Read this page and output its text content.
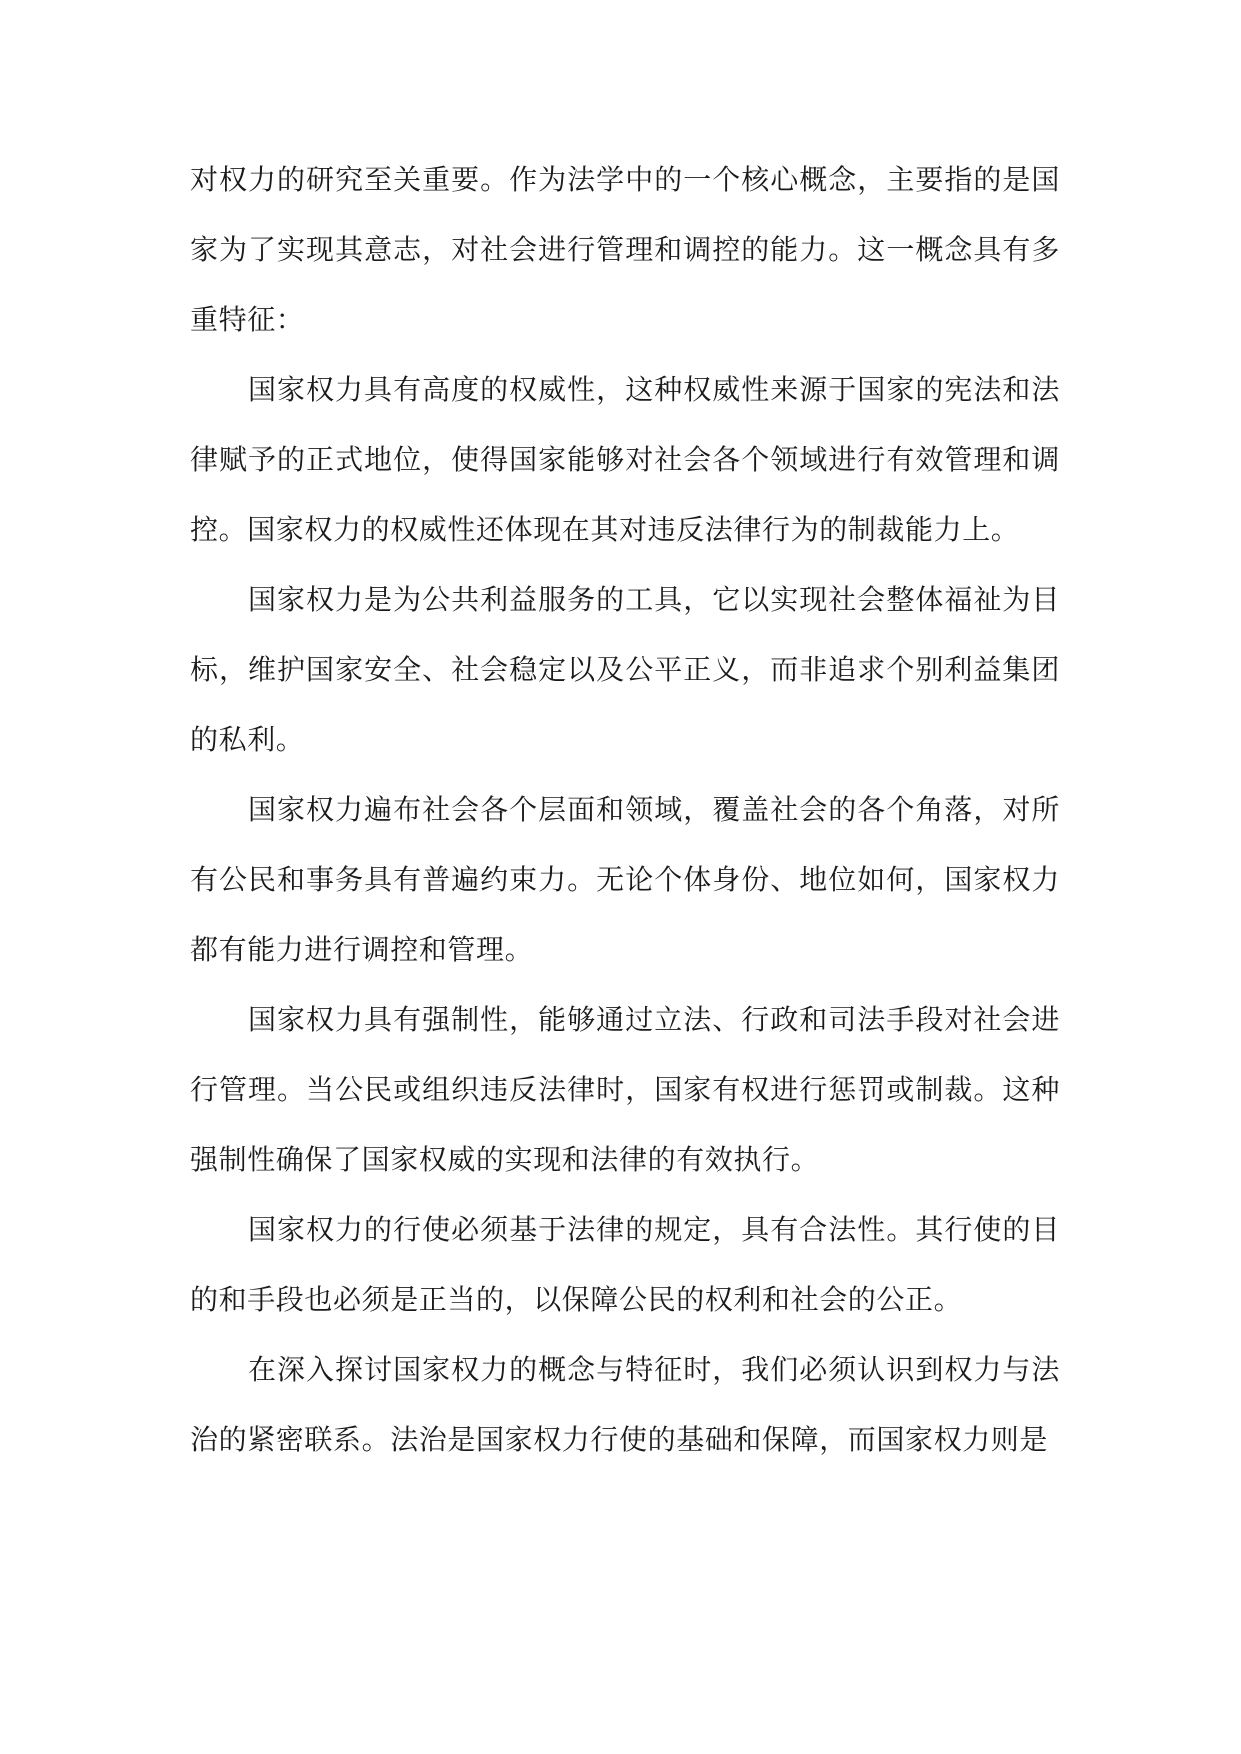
对权力的研究至关重要。作为法学中的一个核心概念，主要指的是国家为了实现其意志，对社会进行管理和调控的能力。这一概念具有多重特征：

国家权力具有高度的权威性，这种权威性来源于国家的宪法和法律赋予的正式地位，使得国家能够对社会各个领域进行有效管理和调控。国家权力的权威性还体现在其对违反法律行为的制裁能力上。

国家权力是为公共利益服务的工具，它以实现社会整体福祉为目标，维护国家安全、社会稳定以及公平正义，而非追求个别利益集团的私利。

国家权力遍布社会各个层面和领域，覆盖社会的各个角落，对所有公民和事务具有普遍约束力。无论个体身份、地位如何，国家权力都有能力进行调控和管理。

国家权力具有强制性，能够通过立法、行政和司法手段对社会进行管理。当公民或组织违反法律时，国家有权进行惩罚或制裁。这种强制性确保了国家权威的实现和法律的有效执行。

国家权力的行使必须基于法律的规定，具有合法性。其行使的目的和手段也必须是正当的，以保障公民的权利和社会的公正。

在深入探讨国家权力的概念与特征时，我们必须认识到权力与法治的紧密联系。法治是国家权力行使的基础和保障，而国家权力则是
